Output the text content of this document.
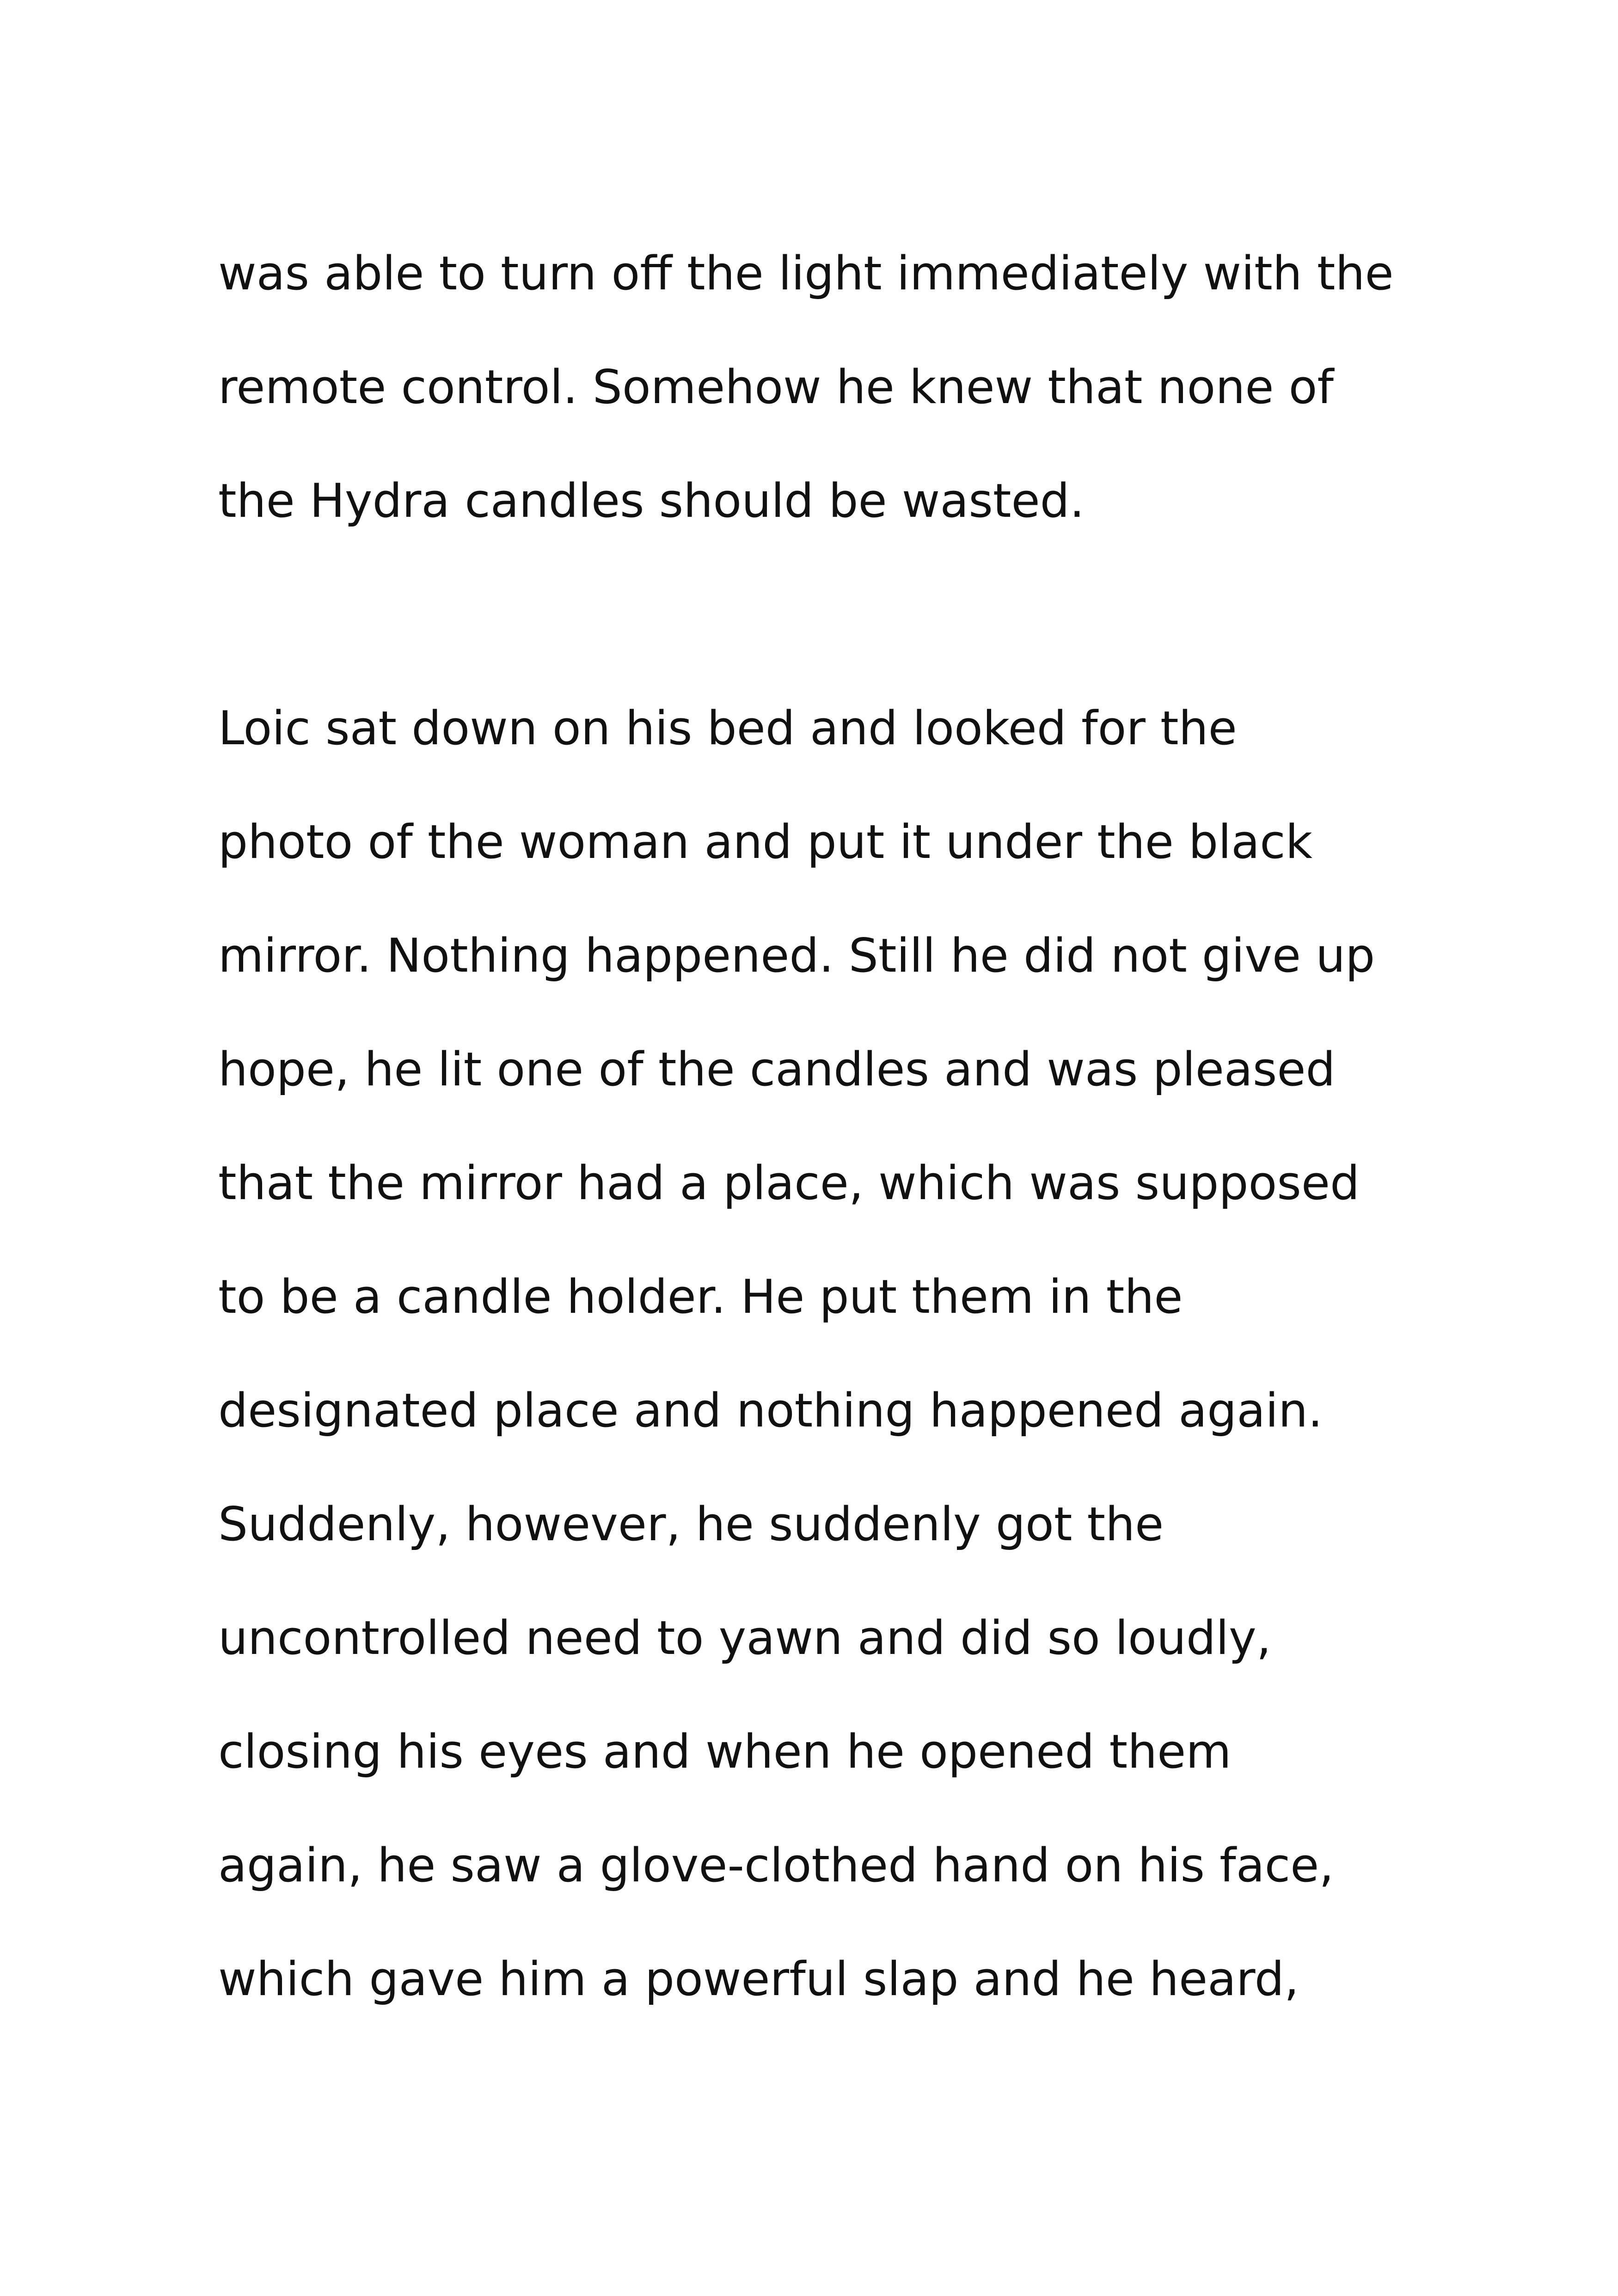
was able to turn off the light immediately with the
remote control. Somehow he knew that none of
the Hydra candles should be wasted.
Loic sat down on his bed and looked for the
photo of the woman and put it under the black
mirror. Nothing happened. Still he did not give up
hope, he lit one of the candles and was pleased
that the mirror had a place, which was supposed
to be a candle holder. He put them in the
designated place and nothing happened again.
Suddenly, however, he suddenly got the
uncontrolled need to yawn and did so loudly,
closing his eyes and when he opened them
again, he saw a glove-clothed hand on his face,
which gave him a powerful slap and he heard,
